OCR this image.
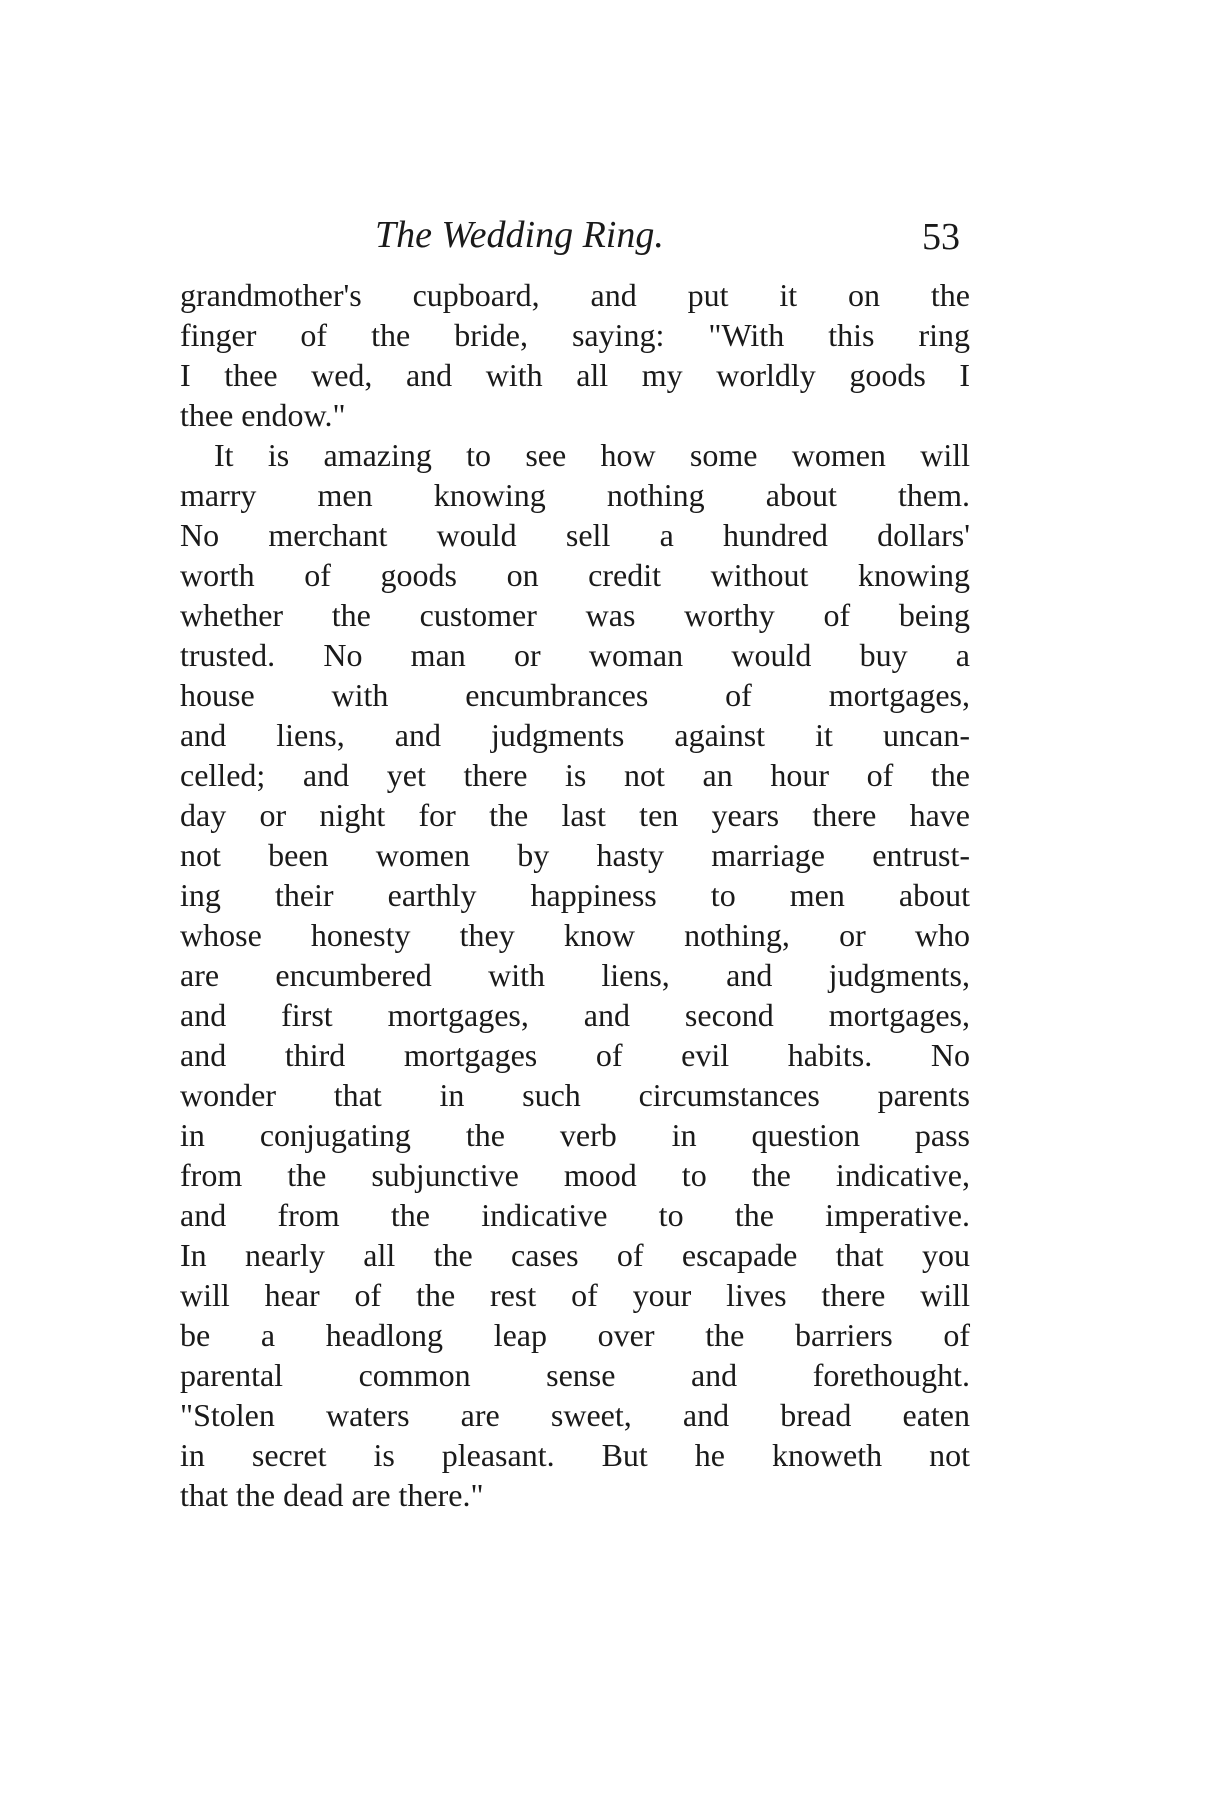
The Wedding Ring.	53
grandmother's cupboard, and put it on the
finger of the bride, saying: "With this ring
I thee wed, and with all my worldly goods I
thee endow."
It is amazing to see how some women will
marry men knowing nothing about them.
No merchant would sell a hundred dollars'
worth of goods on credit without knowing
whether the customer was worthy of being
trusted. No man or woman would buy a
house with encumbrances of mortgages,
and liens, and judgments against it uncan-
celled; and yet there is not an hour of the
day or night for the last ten years there have
not been women by hasty marriage entrust-
ing their earthly happiness to men about
whose honesty they know nothing, or who
are encumbered with liens, and judgments,
and first mortgages, and second mortgages,
and third mortgages of evil habits. No
wonder that in such circumstances parents
in conjugating the verb in question pass
from the subjunctive mood to the indicative,
and from the indicative to the imperative.
In nearly all the cases of escapade that you
will hear of the rest of your lives there will
be a headlong leap over the barriers of
parental common sense and forethought.
"Stolen waters are sweet, and bread eaten
in secret is pleasant. But he knoweth not
that the dead are there."
